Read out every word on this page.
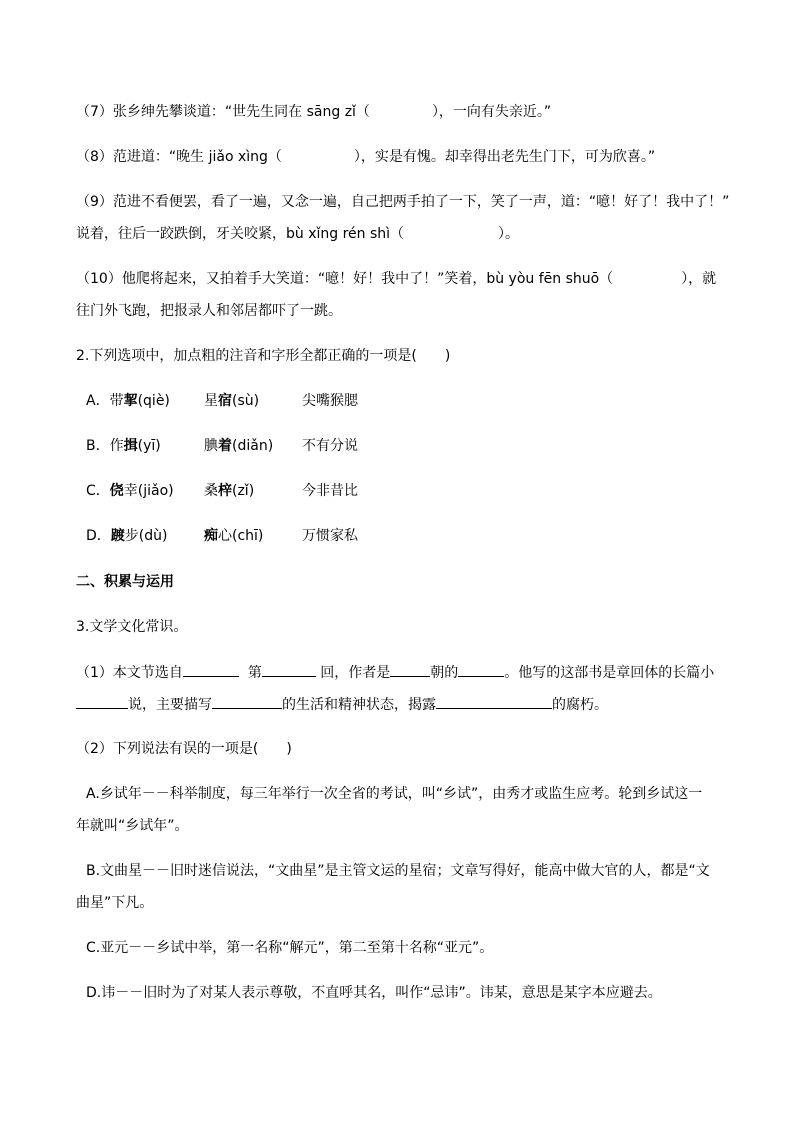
（7）张乡绅先攀谈道：“世先生同在 sāng zǐ（	），一向有失亲近。”
（8）范进道：“晚生 jiǎo xìng（	），实是有愧。却幸得出老先生门下，可为欣喜。”
（9）范进不看便罢，看了一遍，又念一遍，自己把两手拍了一下，笑了一声，道：“噫！好了！我中了！”
说着，往后一跤跌倒，牙关咬紧，bù xǐng rén shì（	）。
（10）他爬将起来，又拍着手大笑道：“噫！好！我中了！”笑着，bù yòu fēn shuō（	），就
往门外飞跑，把报录人和邻居都吓了一跳。
2.下列选项中，加点粗的注音和字形全都正确的一项是(　　)
A．带挈(qiè) 星宿(sù)	尖嘴猴腮
B．作揖(yī)	腆着(diǎn) 不有分说
C．侥幸(jiǎo) 桑梓(zǐ)	今非昔比
D．踱步(dù)	痴心(chī)	万惯家私
二、积累与运用
3.文学文化常识。
（1）本文节选自	第	回，作者是	朝的	。他写的这部书是章回体的长篇小
说，主要描写	的生活和精神状态，揭露	的腐朽。
（2）下列说法有误的一项是(　　)
A.乡试年－－科举制度，每三年举行一次全省的考试，叫“乡试”，由秀才或监生应考。轮到乡试这一
年就叫“乡试年”。
B.文曲星－－旧时迷信说法，“文曲星”是主管文运的星宿；文章写得好，能高中做大官的人，都是“文
曲星”下凡。
C.亚元－－乡试中举，第一名称“解元”，第二至第十名称“亚元”。
D.讳－－旧时为了对某人表示尊敬，不直呼其名，叫作“忌讳”。讳某，意思是某字本应避去。
